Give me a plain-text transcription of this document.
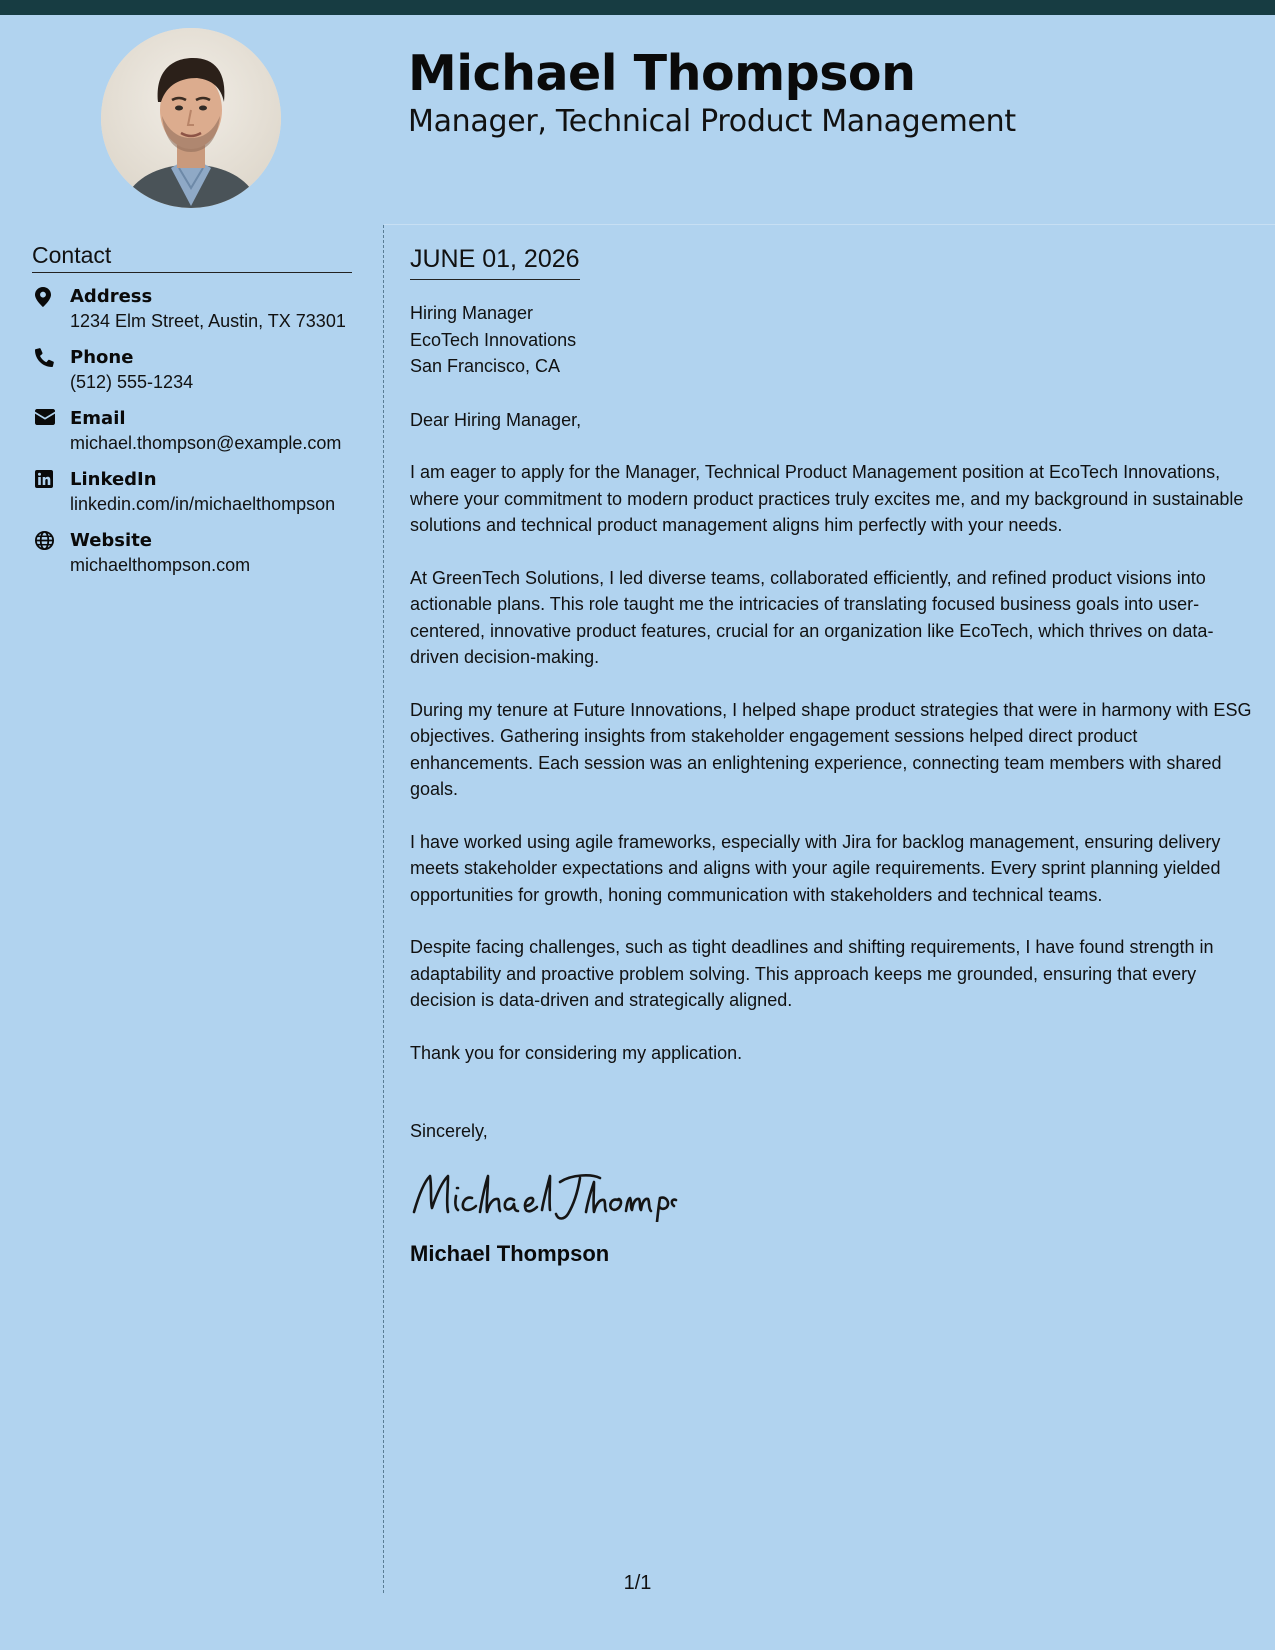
Michael Thompson
Manager, Technical Product Management
Contact
Address
1234 Elm Street, Austin, TX 73301
Phone
(512) 555-1234
Email
michael.thompson@example.com
LinkedIn
linkedin.com/in/michaelthompson
Website
michaelthompson.com
JUNE 01, 2026
Hiring Manager
EcoTech Innovations
San Francisco, CA

Dear Hiring Manager,

I am eager to apply for the Manager, Technical Product Management position at EcoTech Innovations, where your commitment to modern product practices truly excites me, and my background in sustainable solutions and technical product management aligns him perfectly with your needs.

At GreenTech Solutions, I led diverse teams, collaborated efficiently, and refined product visions into actionable plans. This role taught me the intricacies of translating focused business goals into user-centered, innovative product features, crucial for an organization like EcoTech, which thrives on data-driven decision-making.

During my tenure at Future Innovations, I helped shape product strategies that were in harmony with ESG objectives. Gathering insights from stakeholder engagement sessions helped direct product enhancements. Each session was an enlightening experience, connecting team members with shared goals.

I have worked using agile frameworks, especially with Jira for backlog management, ensuring delivery meets stakeholder expectations and aligns with your agile requirements. Every sprint planning yielded opportunities for growth, honing communication with stakeholders and technical teams.

Despite facing challenges, such as tight deadlines and shifting requirements, I have found strength in adaptability and proactive problem solving. This approach keeps me grounded, ensuring that every decision is data-driven and strategically aligned.

Thank you for considering my application.

Sincerely,
Michael Thompson
1/1
